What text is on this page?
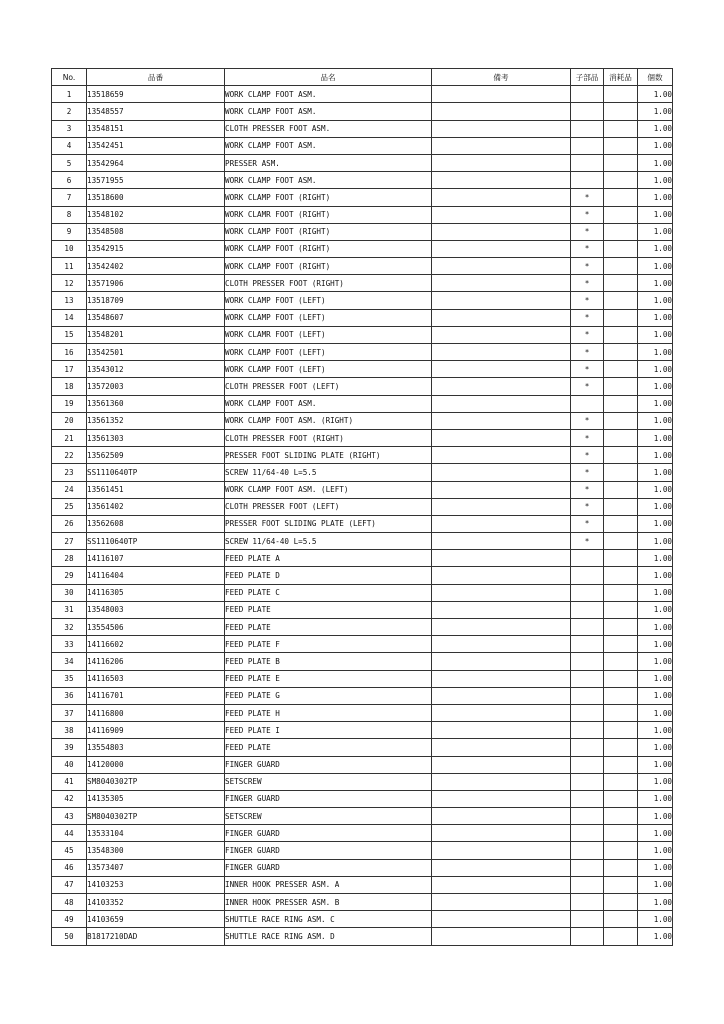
No.	品番	品名	備考	子部品	消耗品	個数
1	13518659	WORK CLAMP FOOT ASM.				1.00
2	13548557	WORK CLAMP FOOT ASM.				1.00
3	13548151	CLOTH PRESSER FOOT ASM.				1.00
4	13542451	WORK CLAMP FOOT ASM.				1.00
5	13542964	PRESSER ASM.				1.00
6	13571955	WORK CLAMP FOOT ASM.				1.00
7	13518600	WORK CLAMP FOOT (RIGHT)		*		1.00
8	13548102	WORK CLAMR FOOT (RIGHT)		*		1.00
9	13548508	WORK CLAMP FOOT (RIGHT)		*		1.00
10	13542915	WORK CLAMP FOOT (RIGHT)		*		1.00
11	13542402	WORK CLAMP FOOT (RIGHT)		*		1.00
12	13571906	CLOTH PRESSER FOOT (RIGHT)		*		1.00
13	13518709	WORK CLAMP FOOT (LEFT)		*		1.00
14	13548607	WORK CLAMP FOOT (LEFT)		*		1.00
15	13548201	WORK CLAMR FOOT (LEFT)		*		1.00
16	13542501	WORK CLAMP FOOT (LEFT)		*		1.00
17	13543012	WORK CLAMP FOOT (LEFT)		*		1.00
18	13572003	CLOTH PRESSER FOOT (LEFT)		*		1.00
19	13561360	WORK CLAMP FOOT ASM.				1.00
20	13561352	WORK CLAMP FOOT ASM. (RIGHT)		*		1.00
21	13561303	CLOTH PRESSER FOOT (RIGHT)		*		1.00
22	13562509	PRESSER FOOT SLIDING PLATE (RIGHT)		*		1.00
23	SS1110640TP	SCREW 11/64-40 L=5.5		*		1.00
24	13561451	WORK CLAMP FOOT ASM. (LEFT)		*		1.00
25	13561402	CLOTH PRESSER FOOT (LEFT)		*		1.00
26	13562608	PRESSER FOOT SLIDING PLATE (LEFT)		*		1.00
27	SS1110640TP	SCREW 11/64-40 L=5.5		*		1.00
28	14116107	FEED PLATE A				1.00
29	14116404	FEED PLATE D				1.00
30	14116305	FEED PLATE C				1.00
31	13548003	FEED PLATE				1.00
32	13554506	FEED PLATE				1.00
33	14116602	FEED PLATE F				1.00
34	14116206	FEED PLATE B				1.00
35	14116503	FEED PLATE E				1.00
36	14116701	FEED PLATE G				1.00
37	14116800	FEED PLATE H				1.00
38	14116909	FEED PLATE I				1.00
39	13554803	FEED PLATE				1.00
40	14120000	FINGER GUARD				1.00
41	SM8040302TP	SETSCREW				1.00
42	14135305	FINGER GUARD				1.00
43	SM8040302TP	SETSCREW				1.00
44	13533104	FINGER GUARD				1.00
45	13548300	FINGER GUARD				1.00
46	13573407	FINGER GUARD				1.00
47	14103253	INNER HOOK PRESSER ASM. A				1.00
48	14103352	INNER HOOK PRESSER ASM. B				1.00
49	14103659	SHUTTLE RACE RING ASM. C				1.00
50	B1817210DAD	SHUTTLE RACE RING ASM. D				1.00
